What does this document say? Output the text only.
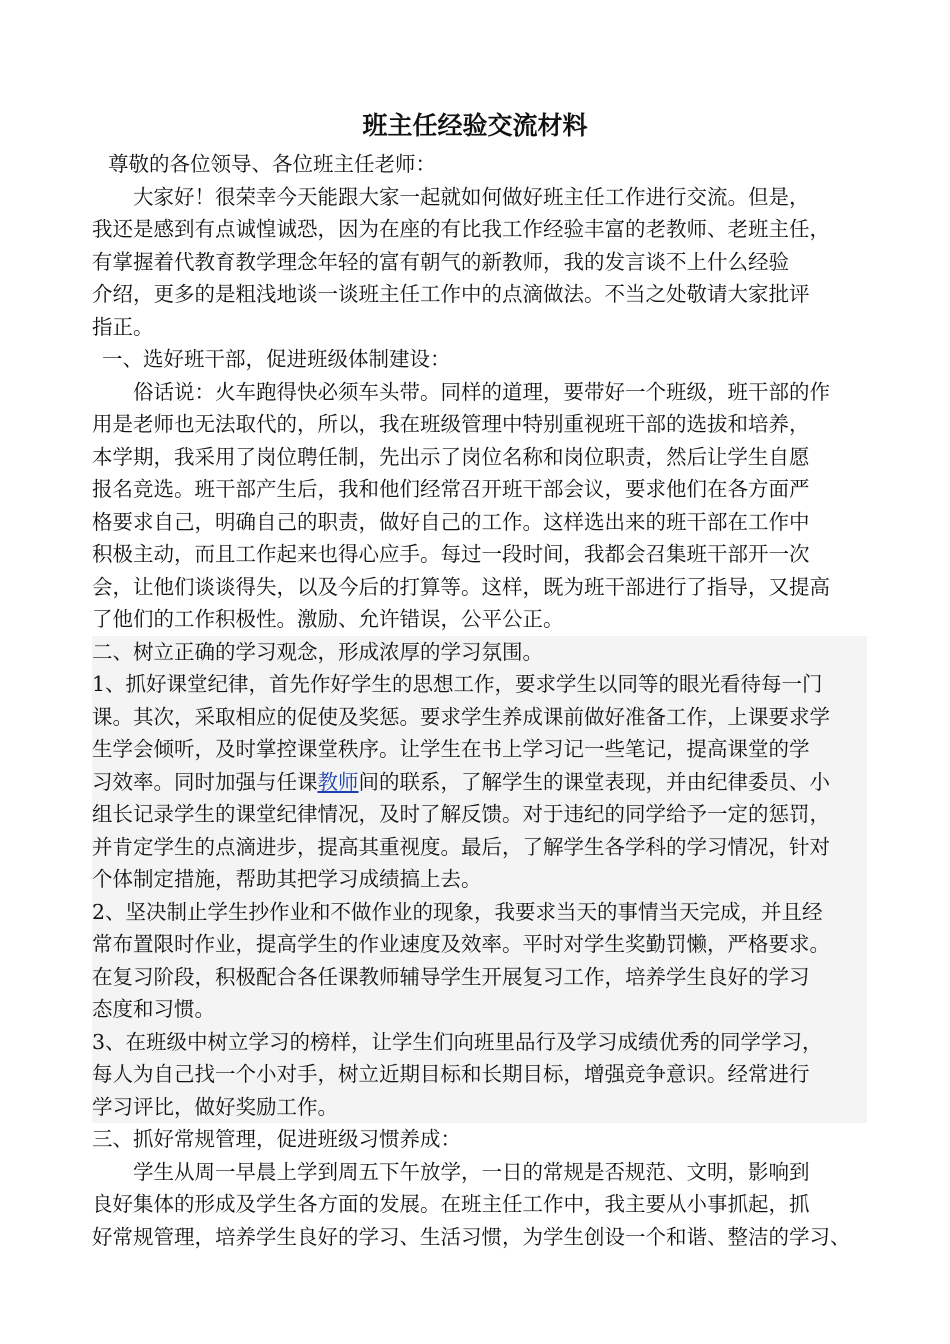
班主任经验交流材料
尊敬的各位领导、各位班主任老师：
大家好！很荣幸今天能跟大家一起就如何做好班主任工作进行交流。但是，
我还是感到有点诚惶诚恐，因为在座的有比我工作经验丰富的老教师、老班主任，
有掌握着代教育教学理念年轻的富有朝气的新教师，我的发言谈不上什么经验
介绍，更多的是粗浅地谈一谈班主任工作中的点滴做法。不当之处敬请大家批评
指正。
一、选好班干部，促进班级体制建设：
俗话说：火车跑得快必须车头带。同样的道理，要带好一个班级，班干部的作
用是老师也无法取代的，所以，我在班级管理中特别重视班干部的选拔和培养，
本学期，我采用了岗位聘任制，先出示了岗位名称和岗位职责，然后让学生自愿
报名竞选。班干部产生后，我和他们经常召开班干部会议，要求他们在各方面严
格要求自己，明确自己的职责，做好自己的工作。这样选出来的班干部在工作中
积极主动，而且工作起来也得心应手。每过一段时间，我都会召集班干部开一次
会，让他们谈谈得失，以及今后的打算等。这样，既为班干部进行了指导，又提高
了他们的工作积极性。激励、允许错误，公平公正。
二、树立正确的学习观念，形成浓厚的学习氛围。
1、抓好课堂纪律，首先作好学生的思想工作，要求学生以同等的眼光看待每一门
课。其次，采取相应的促使及奖惩。要求学生养成课前做好准备工作，上课要求学
生学会倾听，及时掌控课堂秩序。让学生在书上学习记一些笔记，提高课堂的学
习效率。同时加强与任课教师间的联系，了解学生的课堂表现，并由纪律委员、小
组长记录学生的课堂纪律情况，及时了解反馈。对于违纪的同学给予一定的惩罚，
并肯定学生的点滴进步，提高其重视度。最后，了解学生各学科的学习情况，针对
个体制定措施，帮助其把学习成绩搞上去。
2、坚决制止学生抄作业和不做作业的现象，我要求当天的事情当天完成，并且经
常布置限时作业，提高学生的作业速度及效率。平时对学生奖勤罚懒，严格要求。
在复习阶段，积极配合各任课教师辅导学生开展复习工作，培养学生良好的学习
态度和习惯。
3、在班级中树立学习的榜样，让学生们向班里品行及学习成绩优秀的同学学习，
每人为自己找一个小对手，树立近期目标和长期目标，增强竞争意识。经常进行
学习评比，做好奖励工作。
三、抓好常规管理，促进班级习惯养成：
学生从周一早晨上学到周五下午放学，一日的常规是否规范、文明，影响到
良好集体的形成及学生各方面的发展。在班主任工作中，我主要从小事抓起，抓
好常规管理，培养学生良好的学习、生活习惯，为学生创设一个和谐、整洁的学习、
